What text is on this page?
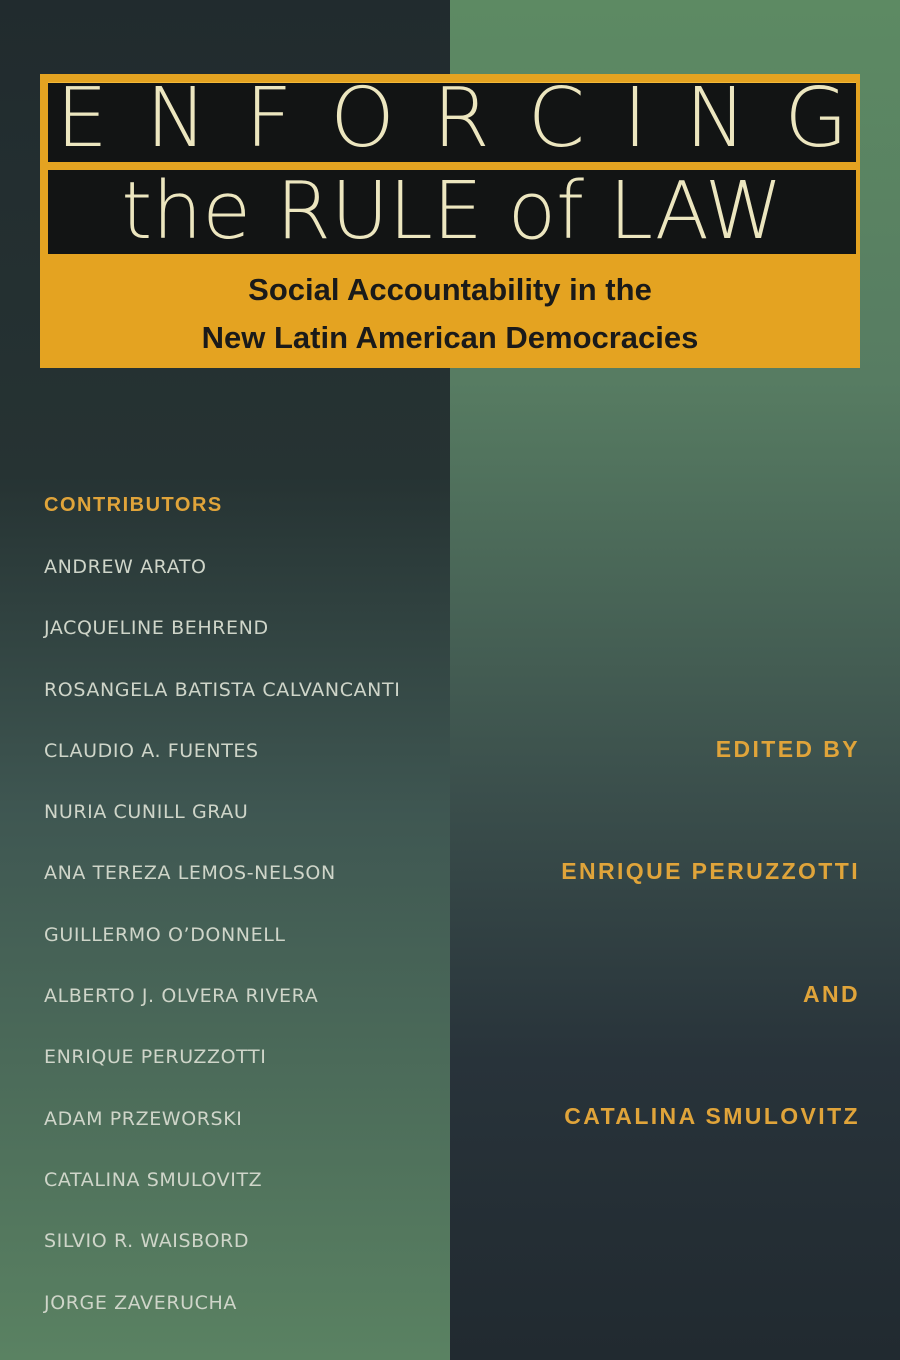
E N F O R C I N G
the RULE of LAW
Social Accountability in the
New Latin American Democracies
CONTRIBUTORS
ANDREW ARATO
JACQUELINE BEHREND
ROSANGELA BATISTA CALVANCANTI
CLAUDIO A. FUENTES
NURIA CUNILL GRAU
ANA TEREZA LEMOS-NELSON
GUILLERMO O’DONNELL
ALBERTO J. OLVERA RIVERA
ENRIQUE PERUZZOTTI
ADAM PRZEWORSKI
CATALINA SMULOVITZ
SILVIO R. WAISBORD
JORGE ZAVERUCHA
EDITED BY
ENRIQUE PERUZZOTTI
AND
CATALINA SMULOVITZ
